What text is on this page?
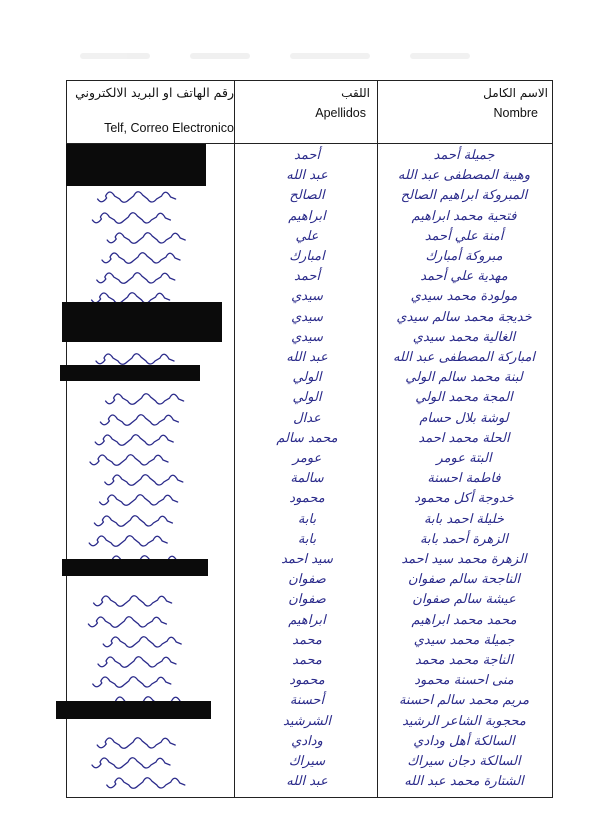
رقم الهاتف او البريد الالكتروني
Telf, Correo Electronico
اللقب
Apellidos
الاسم الكامل
Nombre
جميلة أحمد
أحمد
وهيبة المصطفى عبد الله
عبد الله
المبروكة ابراهيم الصالح
الصالح
فتحية محمد ابراهيم
ابراهيم
أمنة علي أحمد
علي
مبروكة أمبارك
امبارك
مهدية علي أحمد
أحمد
مولودة محمد سيدي
سيدي
خديجة محمد سالم سيدي
سيدي
الغالية محمد سيدي
سيدي
امباركة المصطفى عبد الله
عبد الله
لبنة محمد سالم الولي
الولي
المجة محمد الولي
الولي
لوشة بلال حسام
عدال
الحلة محمد احمد
محمد سالم
البتة عومر
عومر
فاطمة احسنة
سالمة
خدوجة أكل محمود
محمود
خليلة احمد بابة
بابة
الزهرة أحمد بابة
بابة
الزهرة محمد سيد احمد
سيد احمد
الناجحة سالم صفوان
صفوان
عيشة سالم صفوان
صفوان
محمد محمد ابراهيم
ابراهيم
جميلة محمد سيدي
محمد
الناجة محمد محمد
محمد
منى احسنة محمود
محمود
مريم محمد سالم احسنة
أحسنة
محجوبة الشاعر الرشيد
الشرشيد
السالكة أهل ودادي
ودادي
السالكة دجان سيراك
سيراك
الشتارة محمد عبد الله
عبد الله
